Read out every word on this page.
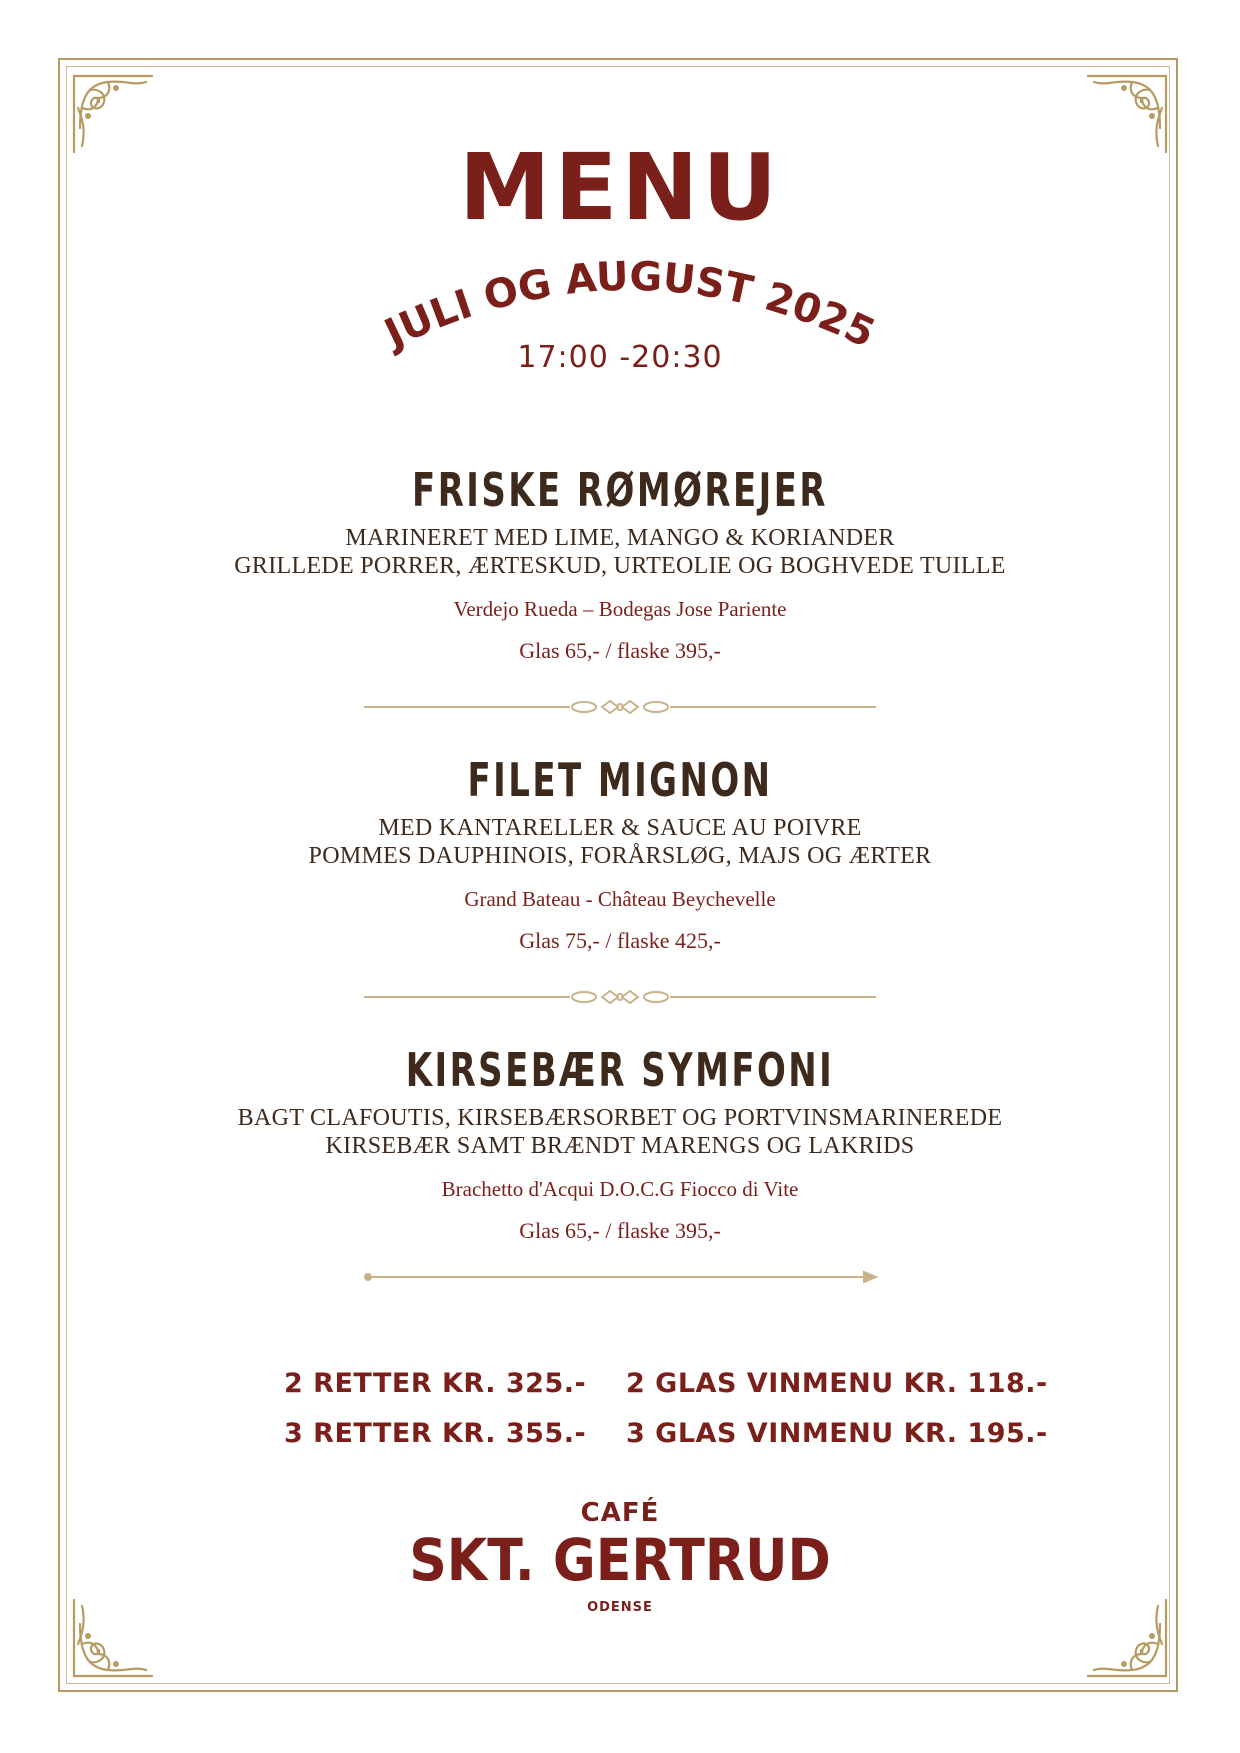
MENU
JULI OG AUGUST 2025
17:00 -20:30
FRISKE RØMØREJER
MARINERET MED LIME, MANGO & KORIANDER
GRILLEDE PORRER, ÆRTESKUD, URTEOLIE OG BOGHVEDE TUILLE
Verdejo Rueda – Bodegas Jose Pariente
Glas 65,- / flaske 395,-
FILET MIGNON
MED KANTARELLER & SAUCE AU POIVRE
POMMES DAUPHINOIS, FORÅRSLØG, MAJS OG ÆRTER
Grand Bateau - Château Beychevelle
Glas 75,- / flaske 425,-
KIRSEBÆR SYMFONI
BAGT CLAFOUTIS, KIRSEBÆRSORBET OG PORTVINSMARINEREDE
KIRSEBÆR SAMT BRÆNDT MARENGS OG LAKRIDS
Brachetto d'Acqui D.O.C.G Fiocco di Vite
Glas 65,- / flaske 395,-
2 RETTER KR. 325.-
3 RETTER KR. 355.-
2 GLAS VINMENU KR. 118.-
3 GLAS VINMENU KR. 195.-
CAFÉ
SKT. GERTRUD
ODENSE
